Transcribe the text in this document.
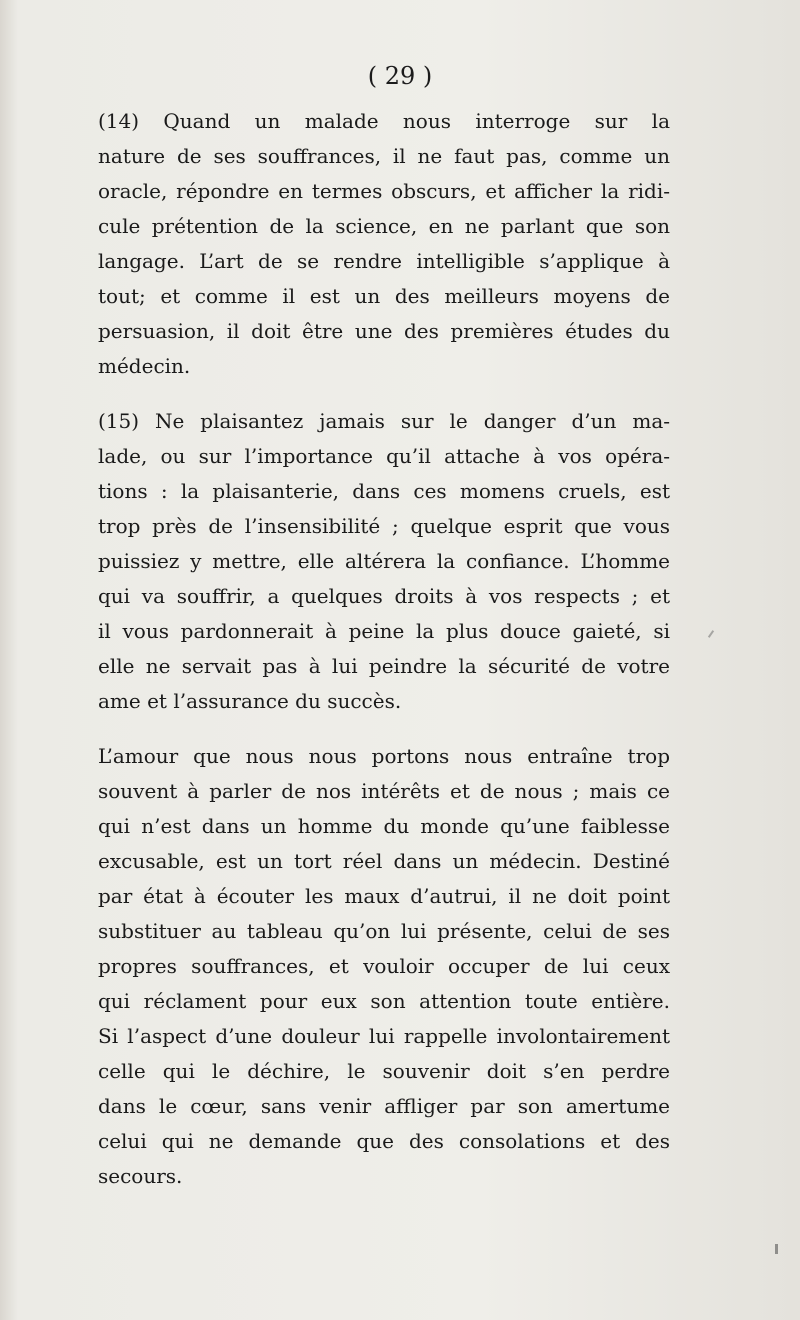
( 29 )

(14) Quand un malade nous interroge sur la
nature de ses souffrances, il ne faut pas, comme un
oracle, répondre en termes obscurs, et afficher la ridi-
cule prétention de la science, en ne parlant que son
langage. L’art de se rendre intelligible s’applique à
tout; et comme il est un des meilleurs moyens de
persuasion, il doit être une des premières études du
médecin.

(15) Ne plaisantez jamais sur le danger d’un ma-
lade, ou sur l’importance qu’il attache à vos opéra-
tions : la plaisanterie, dans ces momens cruels, est
trop près de l’insensibilité ; quelque esprit que vous
puissiez y mettre, elle altérera la confiance. L’homme
qui va souffrir, a quelques droits à vos respects ; et
il vous pardonnerait à peine la plus douce gaieté, si
elle ne servait pas à lui peindre la sécurité de votre
ame et l’assurance du succès.

L’amour que nous nous portons nous entraîne trop
souvent à parler de nos intérêts et de nous ; mais ce
qui n’est dans un homme du monde qu’une faiblesse
excusable, est un tort réel dans un médecin. Destiné
par état à écouter les maux d’autrui, il ne doit point
substituer au tableau qu’on lui présente, celui de ses
propres souffrances, et vouloir occuper de lui ceux
qui réclament pour eux son attention toute entière.
Si l’aspect d’une douleur lui rappelle involontairement
celle qui le déchire, le souvenir doit s’en perdre
dans le cœur, sans venir affliger par son amertume
celui qui ne demande que des consolations et des
secours.
